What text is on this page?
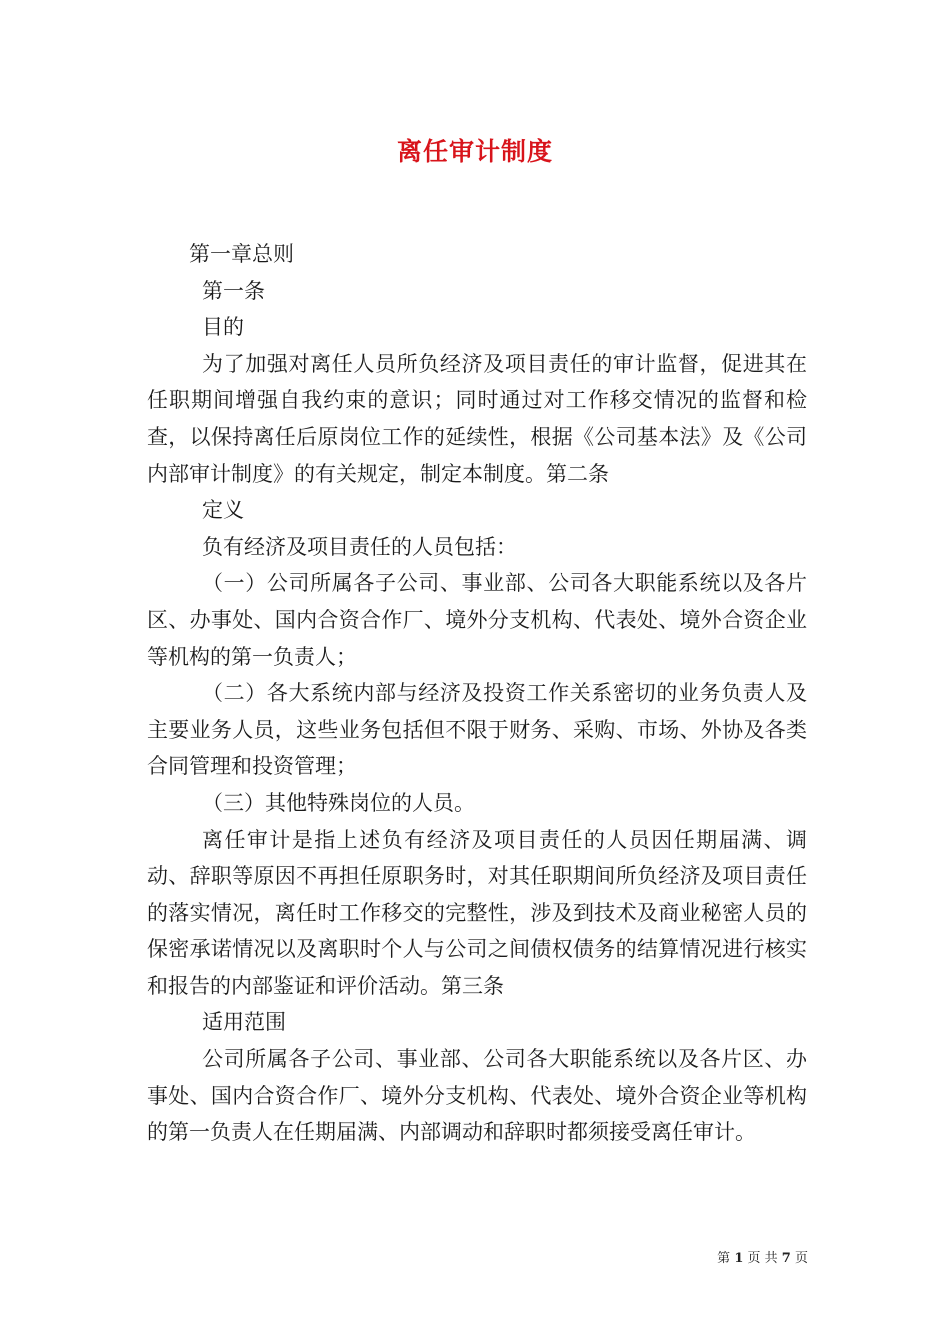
离任审计制度

第一章总则

第一条

目的

为了加强对离任人员所负经济及项目责任的审计监督，促进其在任职期间增强自我约束的意识；同时通过对工作移交情况的监督和检查，以保持离任后原岗位工作的延续性，根据《公司基本法》及《公司内部审计制度》的有关规定，制定本制度。第二条

定义

负有经济及项目责任的人员包括：

（一）公司所属各子公司、事业部、公司各大职能系统以及各片区、办事处、国内合资合作厂、境外分支机构、代表处、境外合资企业等机构的第一负责人；

（二）各大系统内部与经济及投资工作关系密切的业务负责人及主要业务人员，这些业务包括但不限于财务、采购、市场、外协及各类合同管理和投资管理；

（三）其他特殊岗位的人员。

离任审计是指上述负有经济及项目责任的人员因任期届满、调动、辞职等原因不再担任原职务时，对其任职期间所负经济及项目责任的落实情况，离任时工作移交的完整性，涉及到技术及商业秘密人员的保密承诺情况以及离职时个人与公司之间债权债务的结算情况进行核实和报告的内部鉴证和评价活动。第三条

适用范围

公司所属各子公司、事业部、公司各大职能系统以及各片区、办事处、国内合资合作厂、境外分支机构、代表处、境外合资企业等机构的第一负责人在任期届满、内部调动和辞职时都须接受离任审计。

第 1 页 共 7 页
